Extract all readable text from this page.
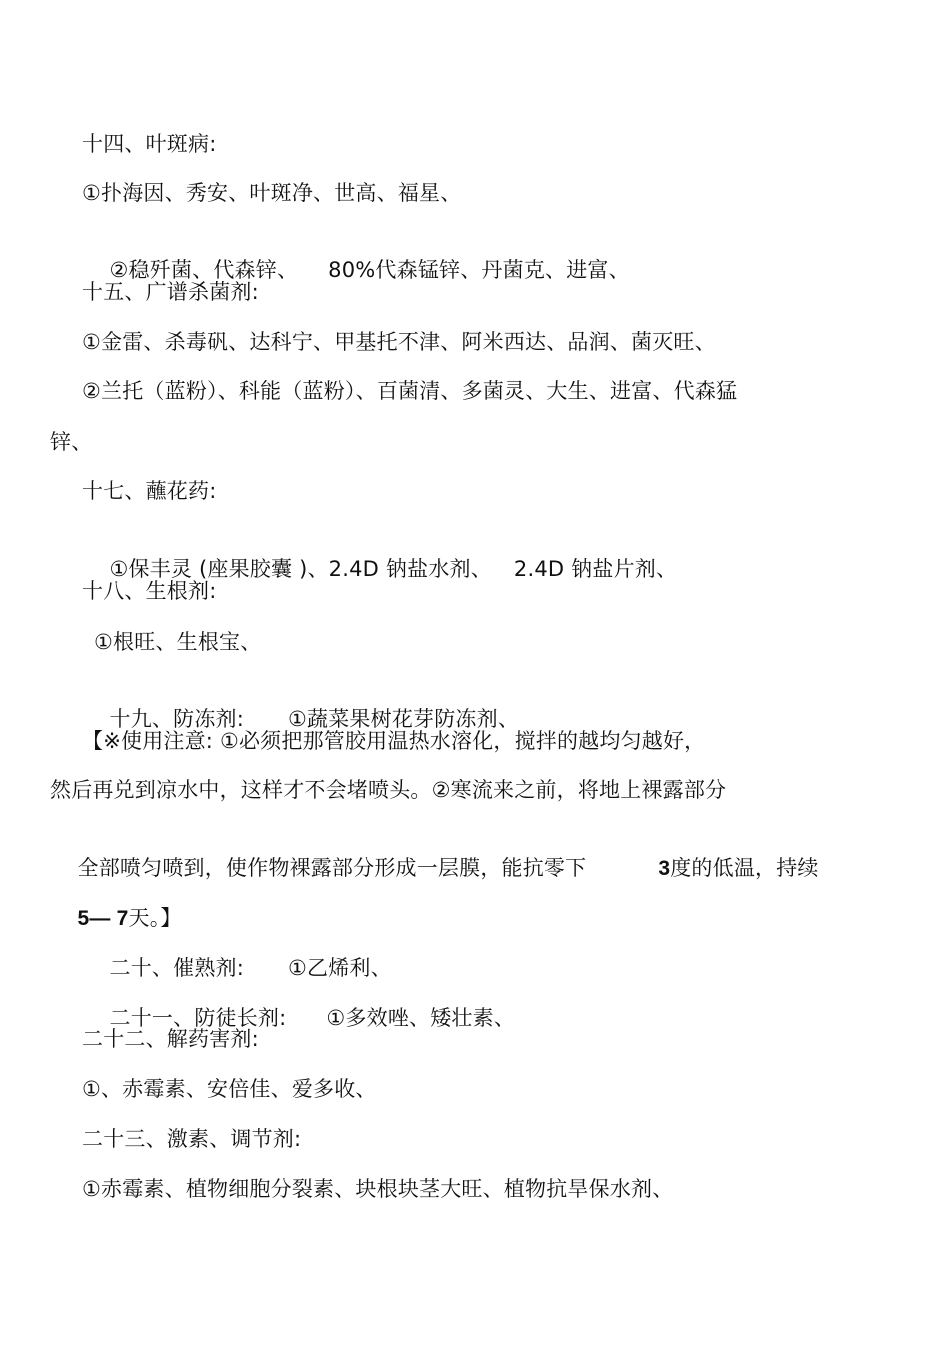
十四、叶斑病:
①扑海因、秀安、叶斑净、世高、福星、

②稳歼菌、代森锌、 80%代森锰锌、丹菌克、进富、

十五、广谱杀菌剂:
①金雷、杀毒矾、达科宁、甲基托不津、阿米西达、品润、菌灭旺、
②兰托（蓝粉）、科能（蓝粉）、百菌清、多菌灵、大生、进富、代森猛
锌、
十七、蘸花药:

①保丰灵 (座果胶囊 )、2.4D 钠盐水剂、 2.4D 钠盐片剂、

十八、生根剂:
①根旺、生根宝、

十九、防冻剂: ①蔬菜果树花芽防冻剂、

【※使用注意: ①必须把那管胶用温热水溶化，搅拌的越均匀越好，
然后再兑到凉水中，这样才不会堵喷头。②寒流来之前，将地上裸露部分

全部喷匀喷到，使作物裸露部分形成一层膜，能抗零下	3度的低温，持续

5— 7天。】

二十、催熟剂: ①乙烯利、

二十一、防徒长剂: ①多效唑、矮壮素、

二十二、解药害剂:
①、赤霉素、安倍佳、爱多收、
二十三、激素、调节剂:
①赤霉素、植物细胞分裂素、块根块茎大旺、植物抗旱保水剂、
